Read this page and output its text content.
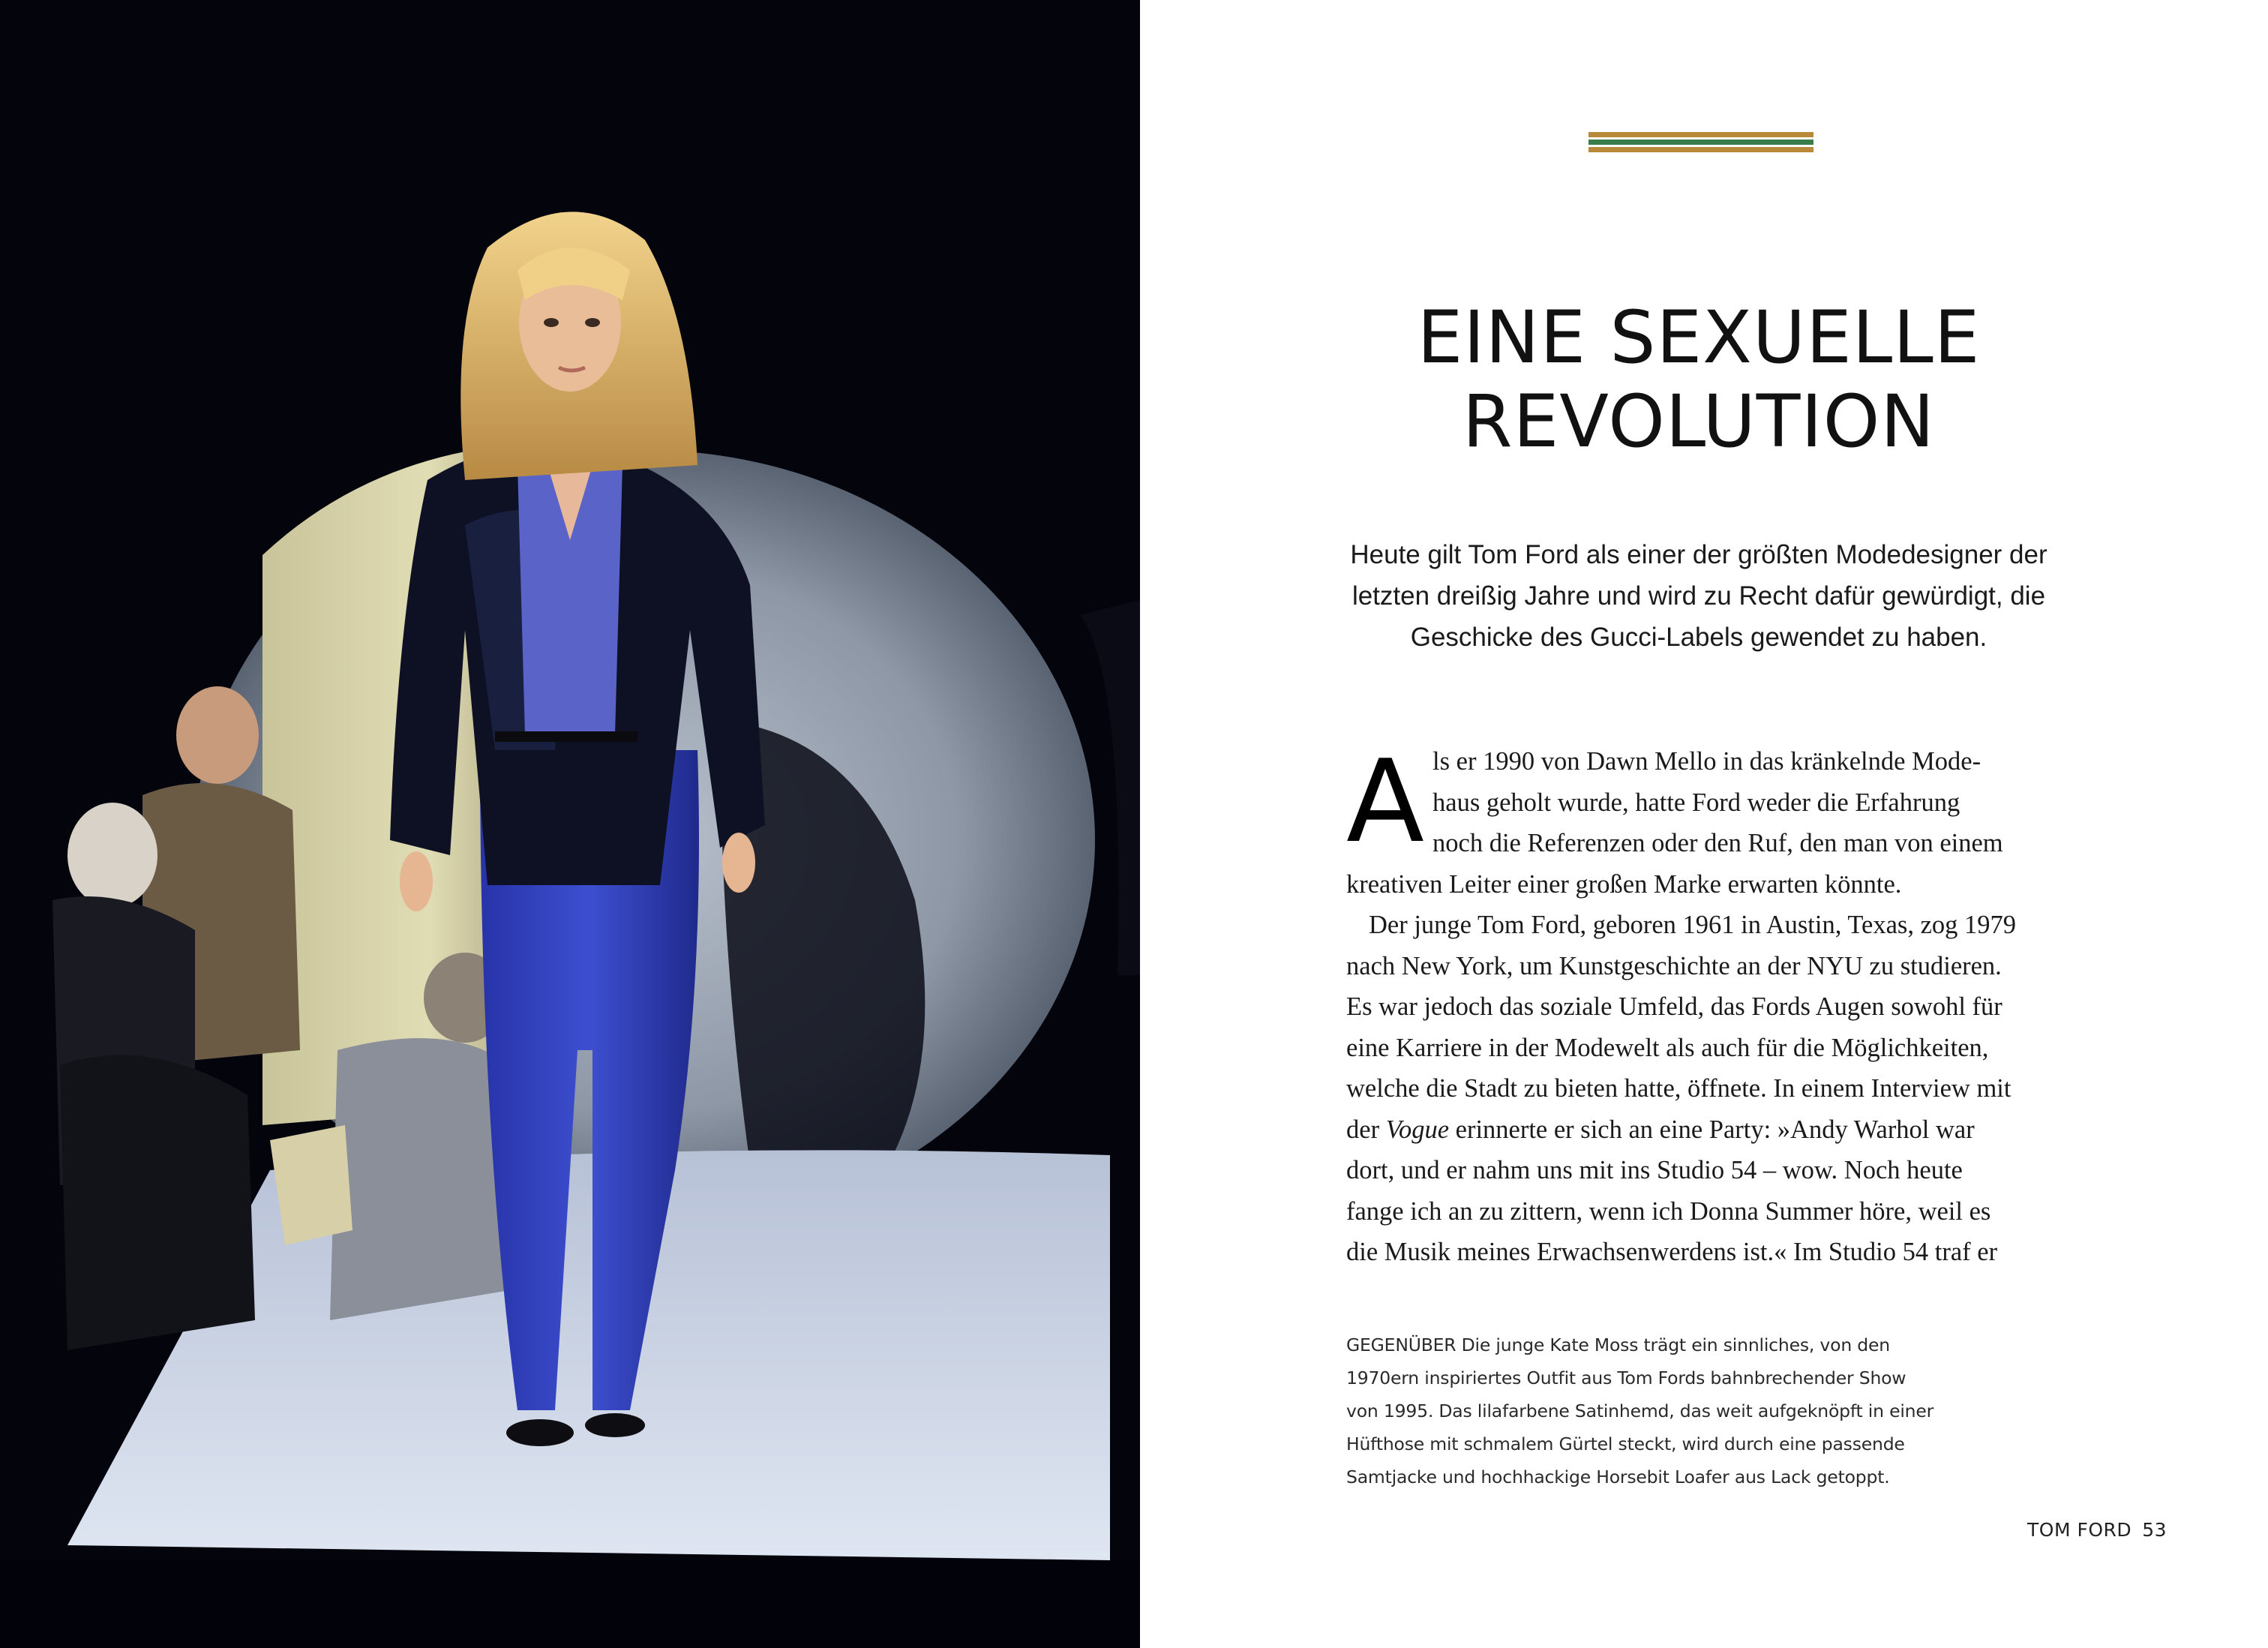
EINE SEXUELLE
REVOLUTION
Heute gilt Tom Ford als einer der größten Modedesigner der
letzten dreißig Jahre und wird zu Recht dafür gewürdigt, die
Geschicke des Gucci-Labels gewendet zu haben.
A ls er 1990 von Dawn Mello in das kränkelnde Mode-
haus geholt wurde, hatte Ford weder die Erfahrung
noch die Referenzen oder den Ruf, den man von einem
kreativen Leiter einer großen Marke erwarten könnte.
Der junge Tom Ford, geboren 1961 in Austin, Texas, zog 1979
nach New York, um Kunstgeschichte an der NYU zu studieren.
Es war jedoch das soziale Umfeld, das Fords Augen sowohl für
eine Karriere in der Modewelt als auch für die Möglichkeiten,
welche die Stadt zu bieten hatte, öffnete. In einem Interview mit
der Vogue erinnerte er sich an eine Party: »Andy Warhol war
dort, und er nahm uns mit ins Studio 54 – wow. Noch heute
fange ich an zu zittern, wenn ich Donna Summer höre, weil es
die Musik meines Erwachsenwerdens ist.« Im Studio 54 traf er
GEGENÜBER Die junge Kate Moss trägt ein sinnliches, von den
1970ern inspiriertes Outfit aus Tom Fords bahnbrechender Show
von 1995. Das lilafarbene Satinhemd, das weit aufgeknöpft in einer
Hüfthose mit schmalem Gürtel steckt, wird durch eine passende
Samtjacke und hochhackige Horsebit Loafer aus Lack getoppt.
TOM FORD 53
